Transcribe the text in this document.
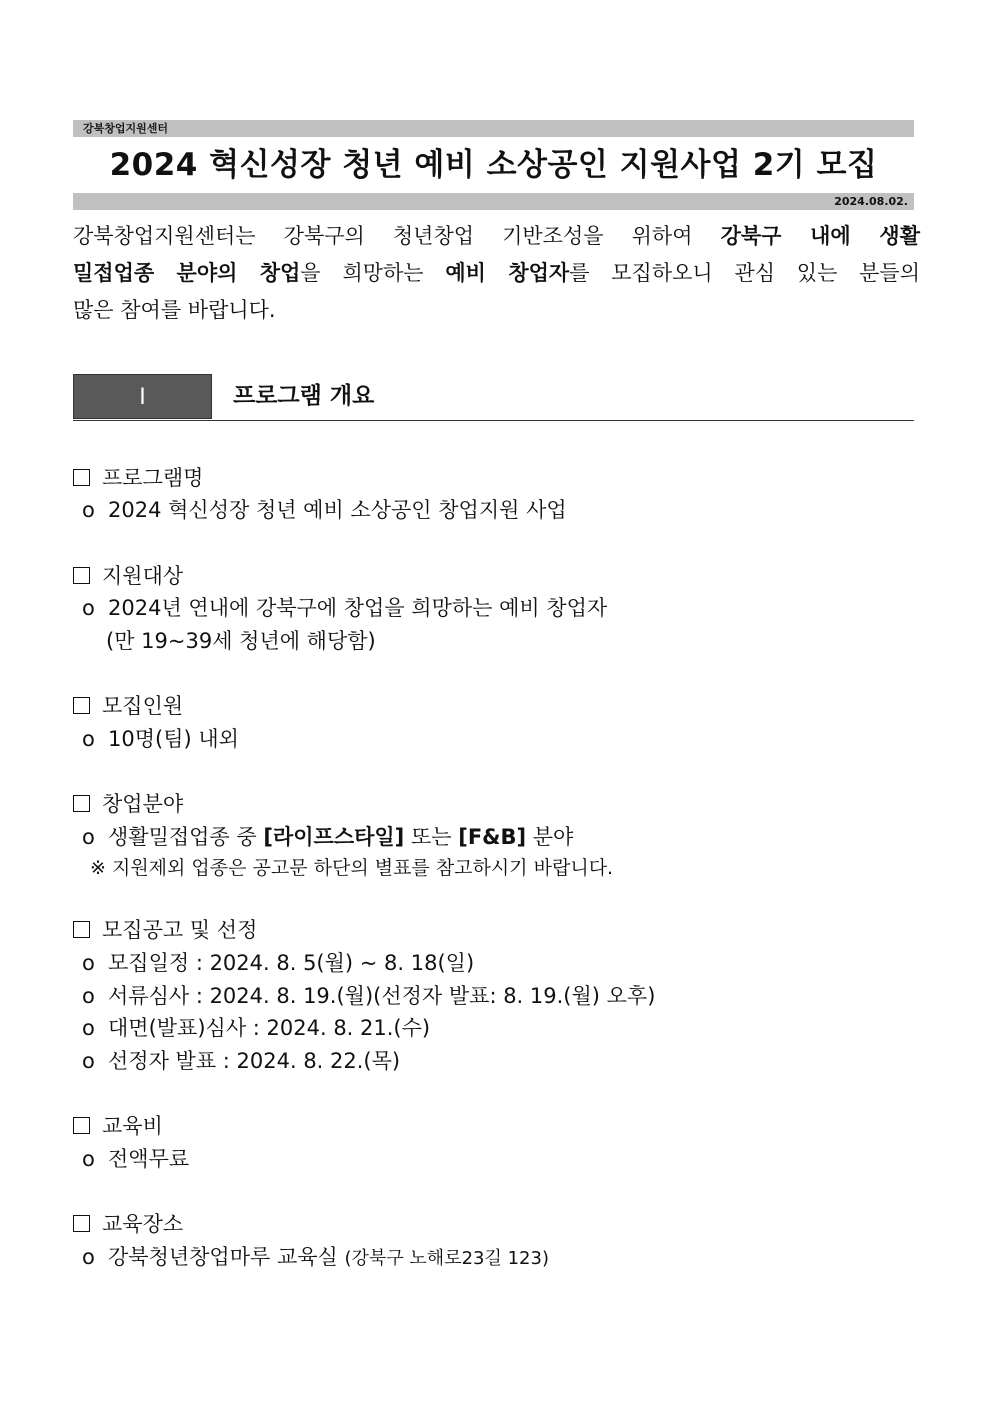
강북창업지원센터
2024 혁신성장 청년 예비 소상공인 지원사업 2기 모집
2024.08.02.
강북창업지원센터는 강북구의 청년창업 기반조성을 위하여 강북구 내에 생활
밀접업종 분야의 창업을 희망하는 예비 창업자를 모집하오니 관심 있는 분들의
많은 참여를 바랍니다.
Ⅰ	프로그램 개요
프로그램명
o 2024 혁신성장 청년 예비 소상공인 창업지원 사업
지원대상
o 2024년 연내에 강북구에 창업을 희망하는 예비 창업자
(만 19~39세 청년에 해당함)
모집인원
o 10명(팀) 내외
창업분야
o 생활밀접업종 중 [라이프스타일] 또는 [F&B] 분야
※ 지원제외 업종은 공고문 하단의 별표를 참고하시기 바랍니다.
모집공고 및 선정
o 모집일정 : 2024. 8. 5(월) ~ 8. 18(일)
o 서류심사 : 2024. 8. 19.(월)(선정자 발표: 8. 19.(월) 오후)
o 대면(발표)심사 : 2024. 8. 21.(수)
o 선정자 발표 : 2024. 8. 22.(목)
교육비
o 전액무료
교육장소
o 강북청년창업마루 교육실 (강북구 노해로23길 123)
